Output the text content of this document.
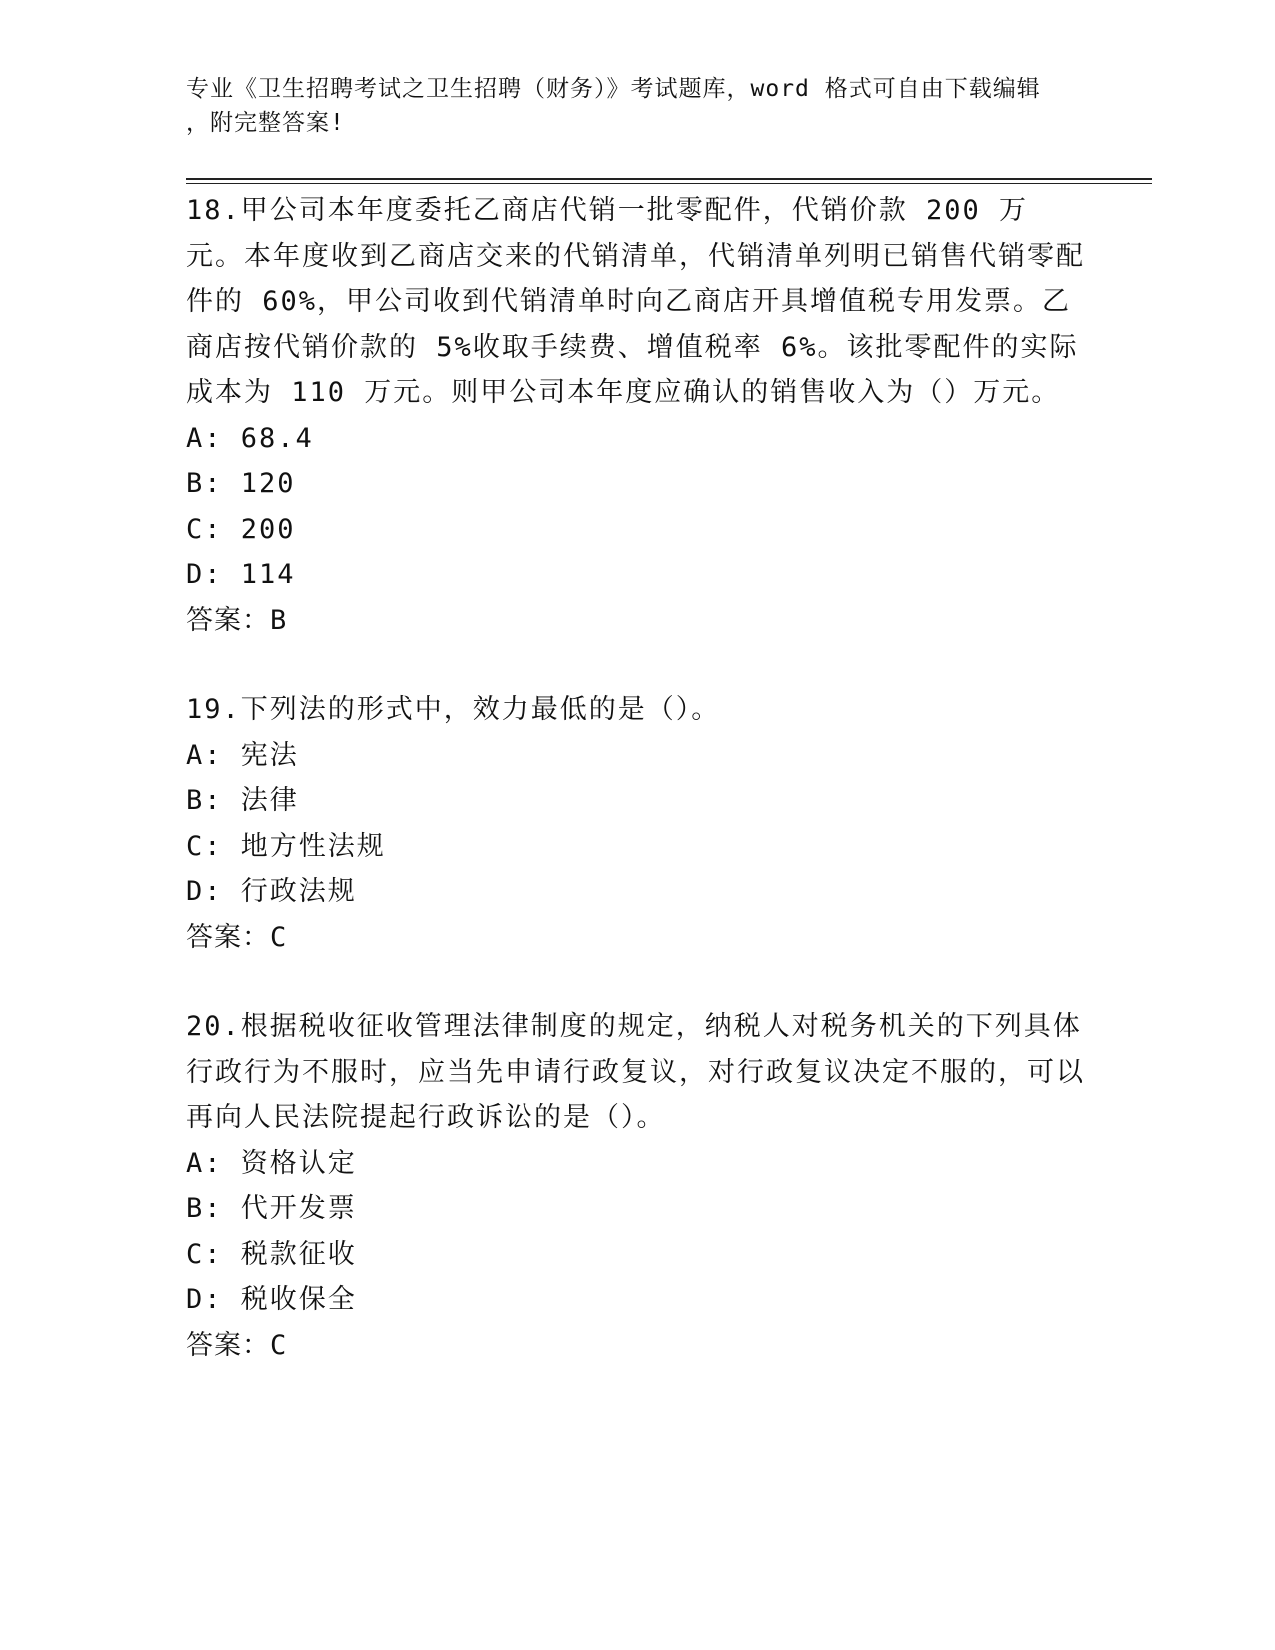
专业《卫生招聘考试之卫生招聘（财务）》考试题库，word 格式可自由下载编辑
，附完整答案!

18.甲公司本年度委托乙商店代销一批零配件，代销价款 200 万元。本年度收到乙商店交来的代销清单，代销清单列明已销售代销零配件的 60%，甲公司收到代销清单时向乙商店开具增值税专用发票。乙商店按代销价款的 5%收取手续费、增值税率 6%。该批零配件的实际成本为 110 万元。则甲公司本年度应确认的销售收入为（）万元。

A: 68.4

B: 120

C: 200

D: 114

答案：B

19.下列法的形式中，效力最低的是（）。

A: 宪法

B: 法律

C: 地方性法规

D: 行政法规

答案：C

20.根据税收征收管理法律制度的规定，纳税人对税务机关的下列具体行政行为不服时，应当先申请行政复议，对行政复议决定不服的，可以再向人民法院提起行政诉讼的是（）。

A: 资格认定

B: 代开发票

C: 税款征收

D: 税收保全

答案：C
